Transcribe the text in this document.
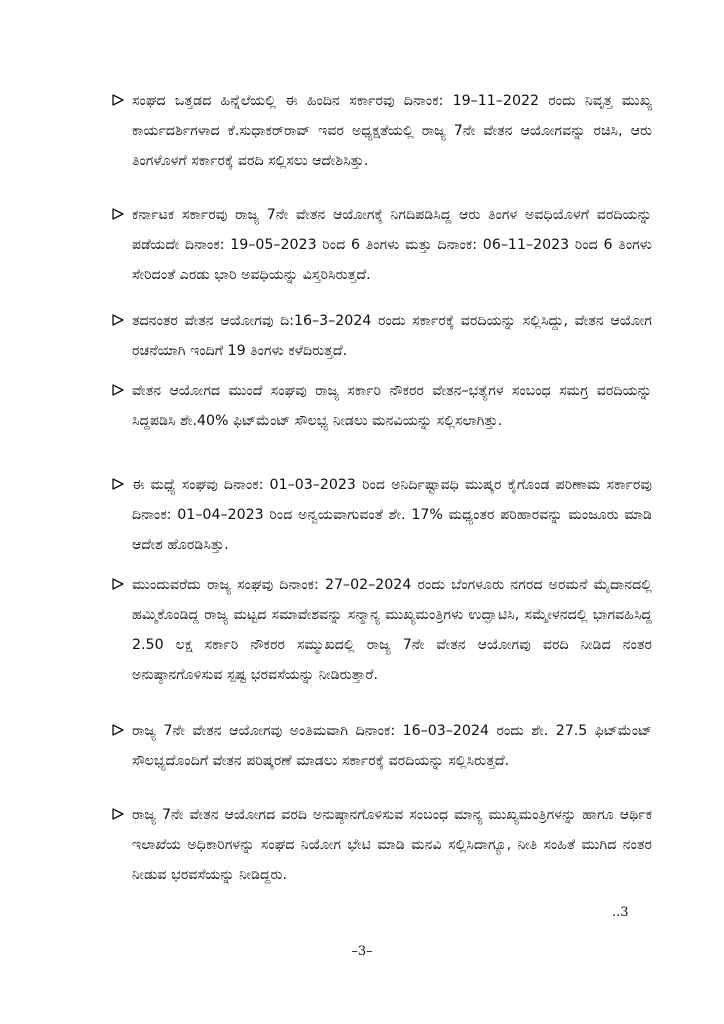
ಸಂಘದ ಒತ್ತಡದ ಹಿನ್ನೆಲೆಯಲ್ಲಿ ಈ ಹಿಂದಿನ ಸರ್ಕಾರವು ದಿನಾಂಕ: 19–11–2022 ರಂದು ನಿವೃತ್ತ ಮುಖ್ಯ ಕಾರ್ಯದರ್ಶಿಗಳಾದ ಕೆ.ಸುಧಾಕರ್‌ರಾವ್ ಇವರ ಅಧ್ಯಕ್ಷತೆಯಲ್ಲಿ ರಾಜ್ಯ 7ನೇ ವೇತನ ಆಯೋಗವನ್ನು ರಚಿಸಿ, ಆರು ತಿಂಗಳೊಳಗೆ ಸರ್ಕಾರಕ್ಕೆ ವರದಿ ಸಲ್ಲಿಸಲು ಆದೇಶಿಸಿತ್ತು.
ಕರ್ನಾಟಕ ಸರ್ಕಾರವು ರಾಜ್ಯ 7ನೇ ವೇತನ ಆಯೋಗಕ್ಕೆ ನಿಗದಿಪಡಿಸಿದ್ದ ಆರು ತಿಂಗಳ ಅವಧಿಯೊಳಗೆ ವರದಿಯನ್ನು ಪಡೆಯದೇ ದಿನಾಂಕ: 19–05–2023 ರಿಂದ 6 ತಿಂಗಳು ಮತ್ತು ದಿನಾಂಕ: 06–11–2023 ರಿಂದ 6 ತಿಂಗಳು ಸೇರಿದಂತೆ ಎರಡು ಭಾರಿ ಅವಧಿಯನ್ನು ವಿಸ್ತರಿಸಿರುತ್ತದೆ.
ತದನಂತರ ವೇತನ ಆಯೋಗವು ದಿ:16–3–2024 ರಂದು ಸರ್ಕಾರಕ್ಕೆ ವರದಿಯನ್ನು ಸಲ್ಲಿಸಿದ್ದು, ವೇತನ ಆಯೋಗ ರಚನೆಯಾಗಿ ಇಂದಿಗೆ 19 ತಿಂಗಳು ಕಳೆದಿರುತ್ತದೆ.
ವೇತನ ಆಯೋಗದ ಮುಂದೆ ಸಂಘವು ರಾಜ್ಯ ಸರ್ಕಾರಿ ನೌಕರರ ವೇತನ–ಭತ್ಯೆಗಳ ಸಂಬಂಧ ಸಮಗ್ರ ವರದಿಯನ್ನು ಸಿದ್ದಪಡಿಸಿ ಶೇ.40% ಫಿಟ್‌ಮೆಂಟ್ ಸೌಲಭ್ಯ ನೀಡಲು ಮನವಿಯನ್ನು ಸಲ್ಲಿಸಲಾಗಿತ್ತು.
ಈ ಮಧ್ಯೆ ಸಂಘವು ದಿನಾಂಕ: 01–03–2023 ರಿಂದ ಅನಿರ್ದಿಷ್ಟಾವಧಿ ಮುಷ್ಕರ ಕೈಗೊಂಡ ಪರಿಣಾಮ ಸರ್ಕಾರವು ದಿನಾಂಕ: 01–04–2023 ರಿಂದ ಅನ್ವಯವಾಗುವಂತೆ ಶೇ. 17% ಮಧ್ಯಂತರ ಪರಿಹಾರವನ್ನು ಮಂಜೂರು ಮಾಡಿ ಆದೇಶ ಹೊರಡಿಸಿತ್ತು.
ಮುಂದುವರೆದು ರಾಜ್ಯ ಸಂಘವು ದಿನಾಂಕ: 27–02–2024 ರಂದು ಬೆಂಗಳೂರು ನಗರದ ಅರಮನೆ ಮೈದಾನದಲ್ಲಿ ಹಮ್ಮಿಕೊಂಡಿದ್ದ ರಾಜ್ಯ ಮಟ್ಟದ ಸಮಾವೇಶವನ್ನು ಸನ್ಮಾನ್ಯ ಮುಖ್ಯಮಂತ್ರಿಗಳು ಉದ್ಘಾಟಿಸಿ, ಸಮ್ಮೇಳನದಲ್ಲಿ ಭಾಗವಹಿಸಿದ್ದ 2.50 ಲಕ್ಷ ಸರ್ಕಾರಿ ನೌಕರರ ಸಮ್ಮುಖದಲ್ಲಿ ರಾಜ್ಯ 7ನೇ ವೇತನ ಆಯೋಗವು ವರದಿ ನೀಡಿದ ನಂತರ ಅನುಷ್ಠಾನಗೊಳಿಸುವ ಸ್ಪಷ್ಟ ಭರವಸೆಯನ್ನು ನೀಡಿರುತ್ತಾರೆ.
ರಾಜ್ಯ 7ನೇ ವೇತನ ಆಯೋಗವು ಅಂತಿಮವಾಗಿ ದಿನಾಂಕ: 16–03–2024 ರಂದು ಶೇ. 27.5 ಫಿಟ್‌ಮೆಂಟ್ ಸೌಲಭ್ಯದೊಂದಿಗೆ ವೇತನ ಪರಿಷ್ಕರಣೆ ಮಾಡಲು ಸರ್ಕಾರಕ್ಕೆ ವರದಿಯನ್ನು ಸಲ್ಲಿಸಿರುತ್ತದೆ.
ರಾಜ್ಯ 7ನೇ ವೇತನ ಆಯೋಗದ ವರದಿ ಅನುಷ್ಠಾನಗೊಳಿಸುವ ಸಂಬಂಧ ಮಾನ್ಯ ಮುಖ್ಯಮಂತ್ರಿಗಳನ್ನು ಹಾಗೂ ಆರ್ಥಿಕ ಇಲಾಖೆಯ ಅಧಿಕಾರಿಗಳನ್ನು ಸಂಘದ ನಿಯೋಗ ಭೇಟಿ ಮಾಡಿ ಮನವಿ ಸಲ್ಲಿಸಿದಾಗ್ಯೂ, ನೀತಿ ಸಂಹಿತೆ ಮುಗಿದ ನಂತರ ನೀಡುವ ಭರವಸೆಯನ್ನು ನೀಡಿದ್ದರು.
..3
–3–
